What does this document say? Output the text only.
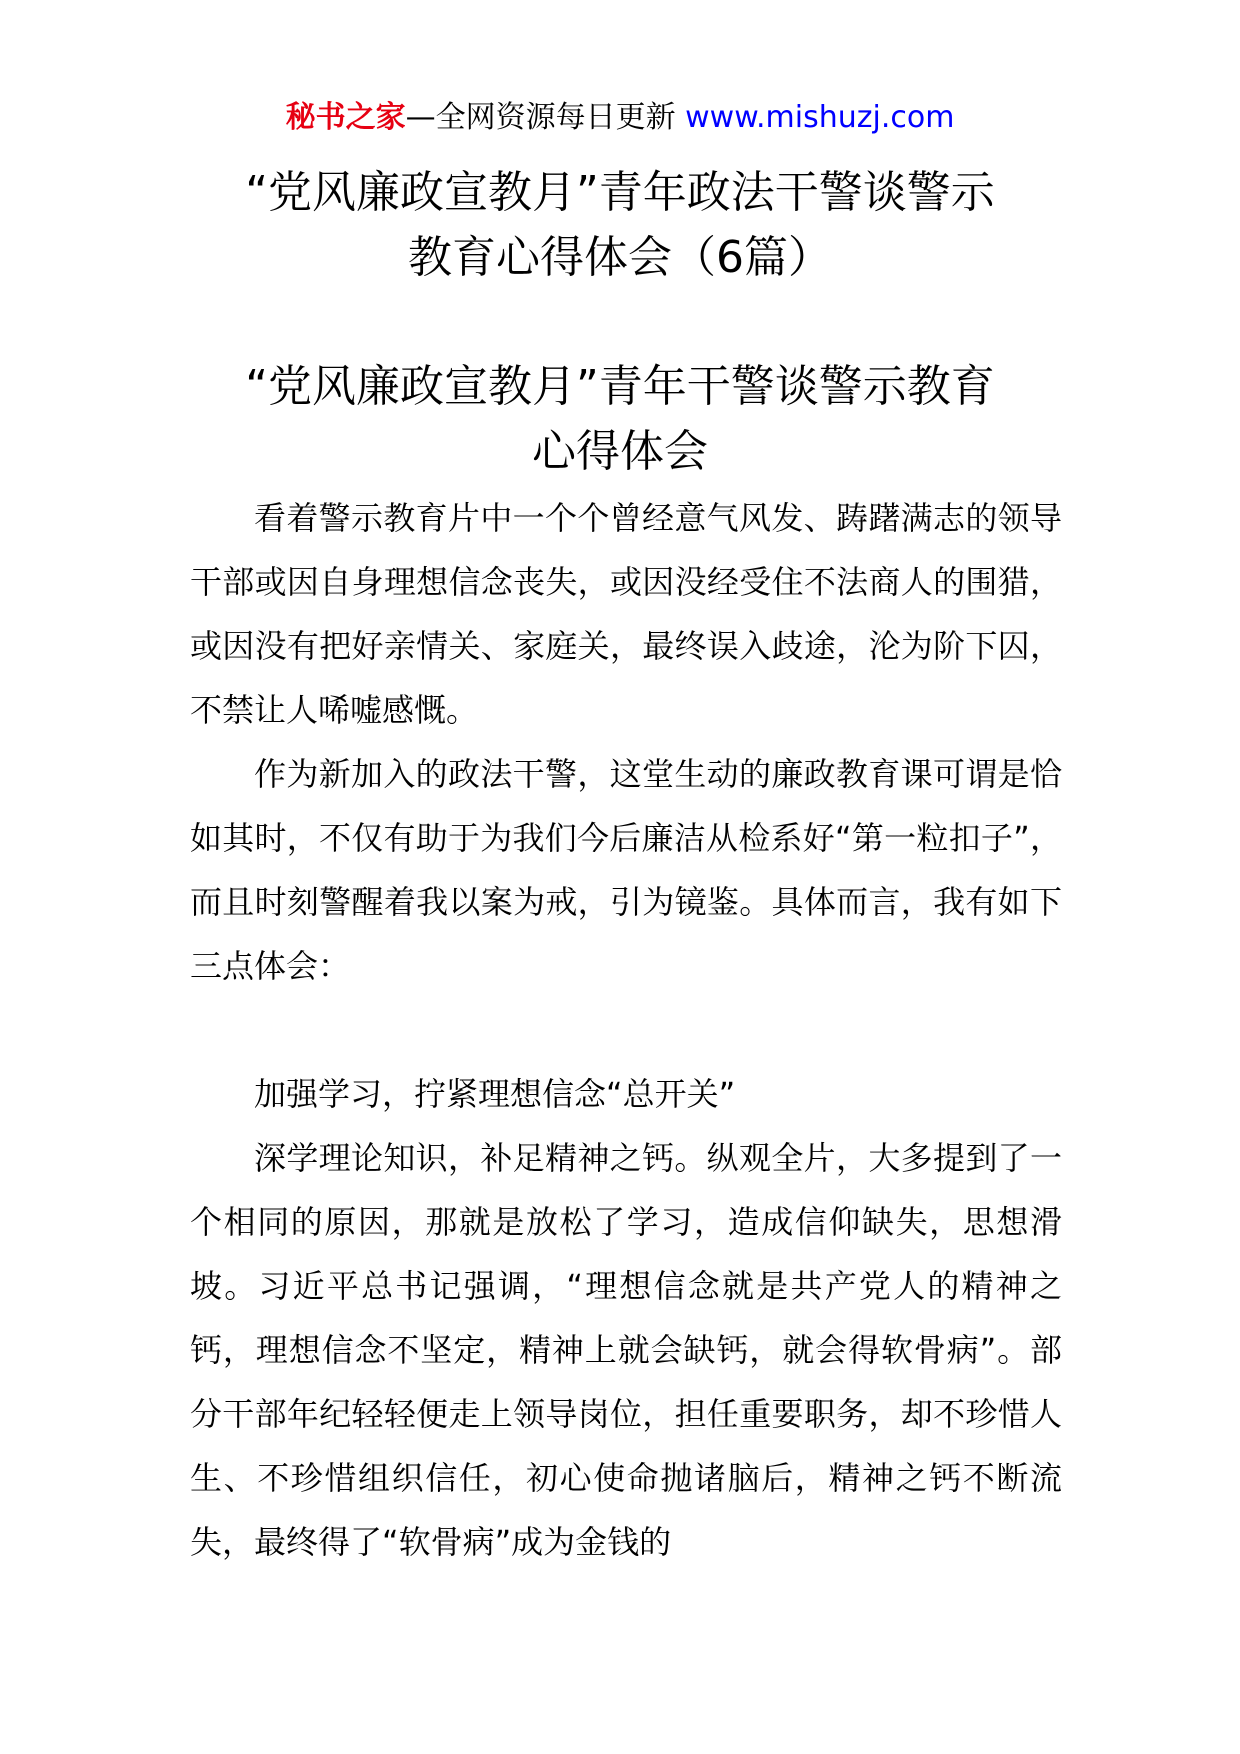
秘书之家—全网资源每日更新 www.mishuzj.com
“党风廉政宣教月”青年政法干警谈警示
教育心得体会（6篇）
“党风廉政宣教月”青年干警谈警示教育
心得体会

看着警示教育片中一个个曾经意气风发、踌躇满志的领导干部或因自身理想信念丧失，或因没经受住不法商人的围猎，或因没有把好亲情关、家庭关，最终误入歧途，沦为阶下囚，不禁让人唏嘘感慨。

作为新加入的政法干警，这堂生动的廉政教育课可谓是恰如其时，不仅有助于为我们今后廉洁从检系好“第一粒扣子”，而且时刻警醒着我以案为戒，引为镜鉴。具体而言，我有如下三点体会：

加强学习，拧紧理想信念“总开关”

深学理论知识，补足精神之钙。纵观全片，大多提到了一个相同的原因，那就是放松了学习，造成信仰缺失，思想滑坡。习近平总书记强调，“理想信念就是共产党人的精神之钙，理想信念不坚定，精神上就会缺钙，就会得软骨病”。部分干部年纪轻轻便走上领导岗位，担任重要职务，却不珍惜人生、不珍惜组织信任，初心使命抛诸脑后，精神之钙不断流失，最终得了“软骨病”成为金钱的
